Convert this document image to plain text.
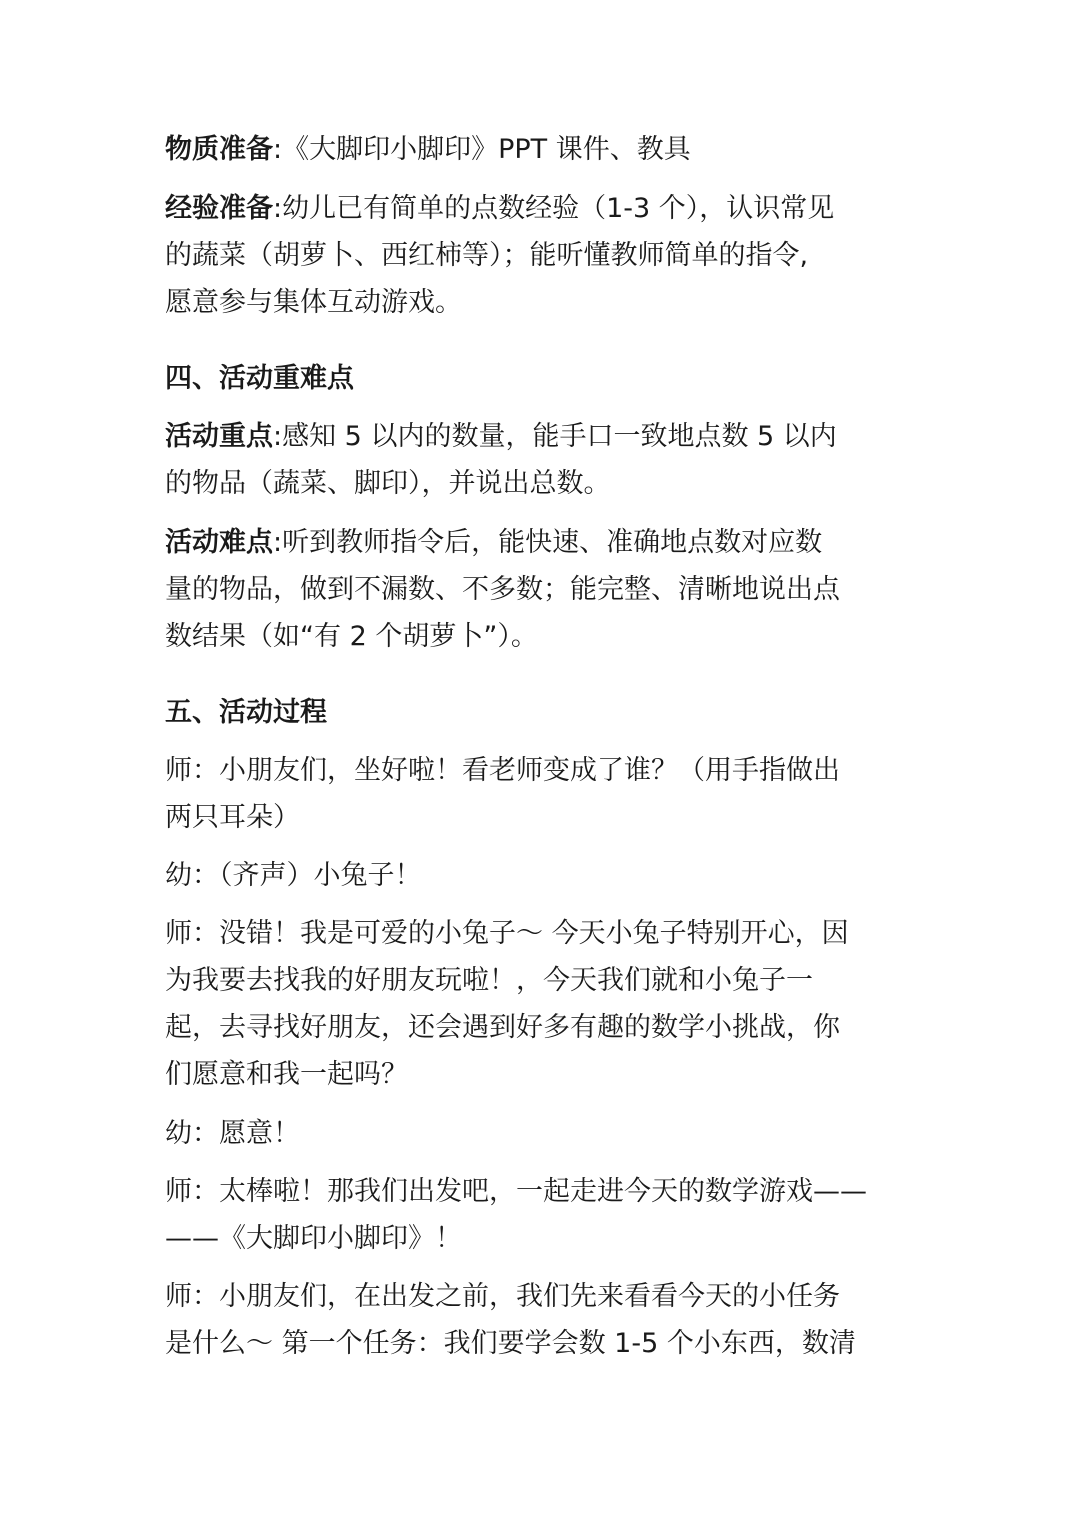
物质准备:《大脚印小脚印》PPT 课件、教具
经验准备:幼儿已有简单的点数经验（1-3 个），认识常见
的蔬菜（胡萝卜、西红柿等）；能听懂教师简单的指令,
愿意参与集体互动游戏。
四、活动重难点
活动重点:感知 5 以内的数量，能手口一致地点数 5 以内
的物品（蔬菜、脚印），并说出总数。
活动难点:听到教师指令后，能快速、准确地点数对应数
量的物品，做到不漏数、不多数；能完整、清晰地说出点
数结果（如“有 2 个胡萝卜”）。
五、活动过程
师：小朋友们，坐好啦！看老师变成了谁？（用手指做出
两只耳朵）
幼：（齐声）小兔子！
师：没错！我是可爱的小兔子～ 今天小兔子特别开心，因
为我要去找我的好朋友玩啦！，今天我们就和小兔子一
起，去寻找好朋友，还会遇到好多有趣的数学小挑战，你
们愿意和我一起吗？
幼：愿意！
师：太棒啦！那我们出发吧，一起走进今天的数学游戏——
——《大脚印小脚印》！
师：小朋友们，在出发之前，我们先来看看今天的小任务
是什么～ 第一个任务：我们要学会数 1-5 个小东西，数清
